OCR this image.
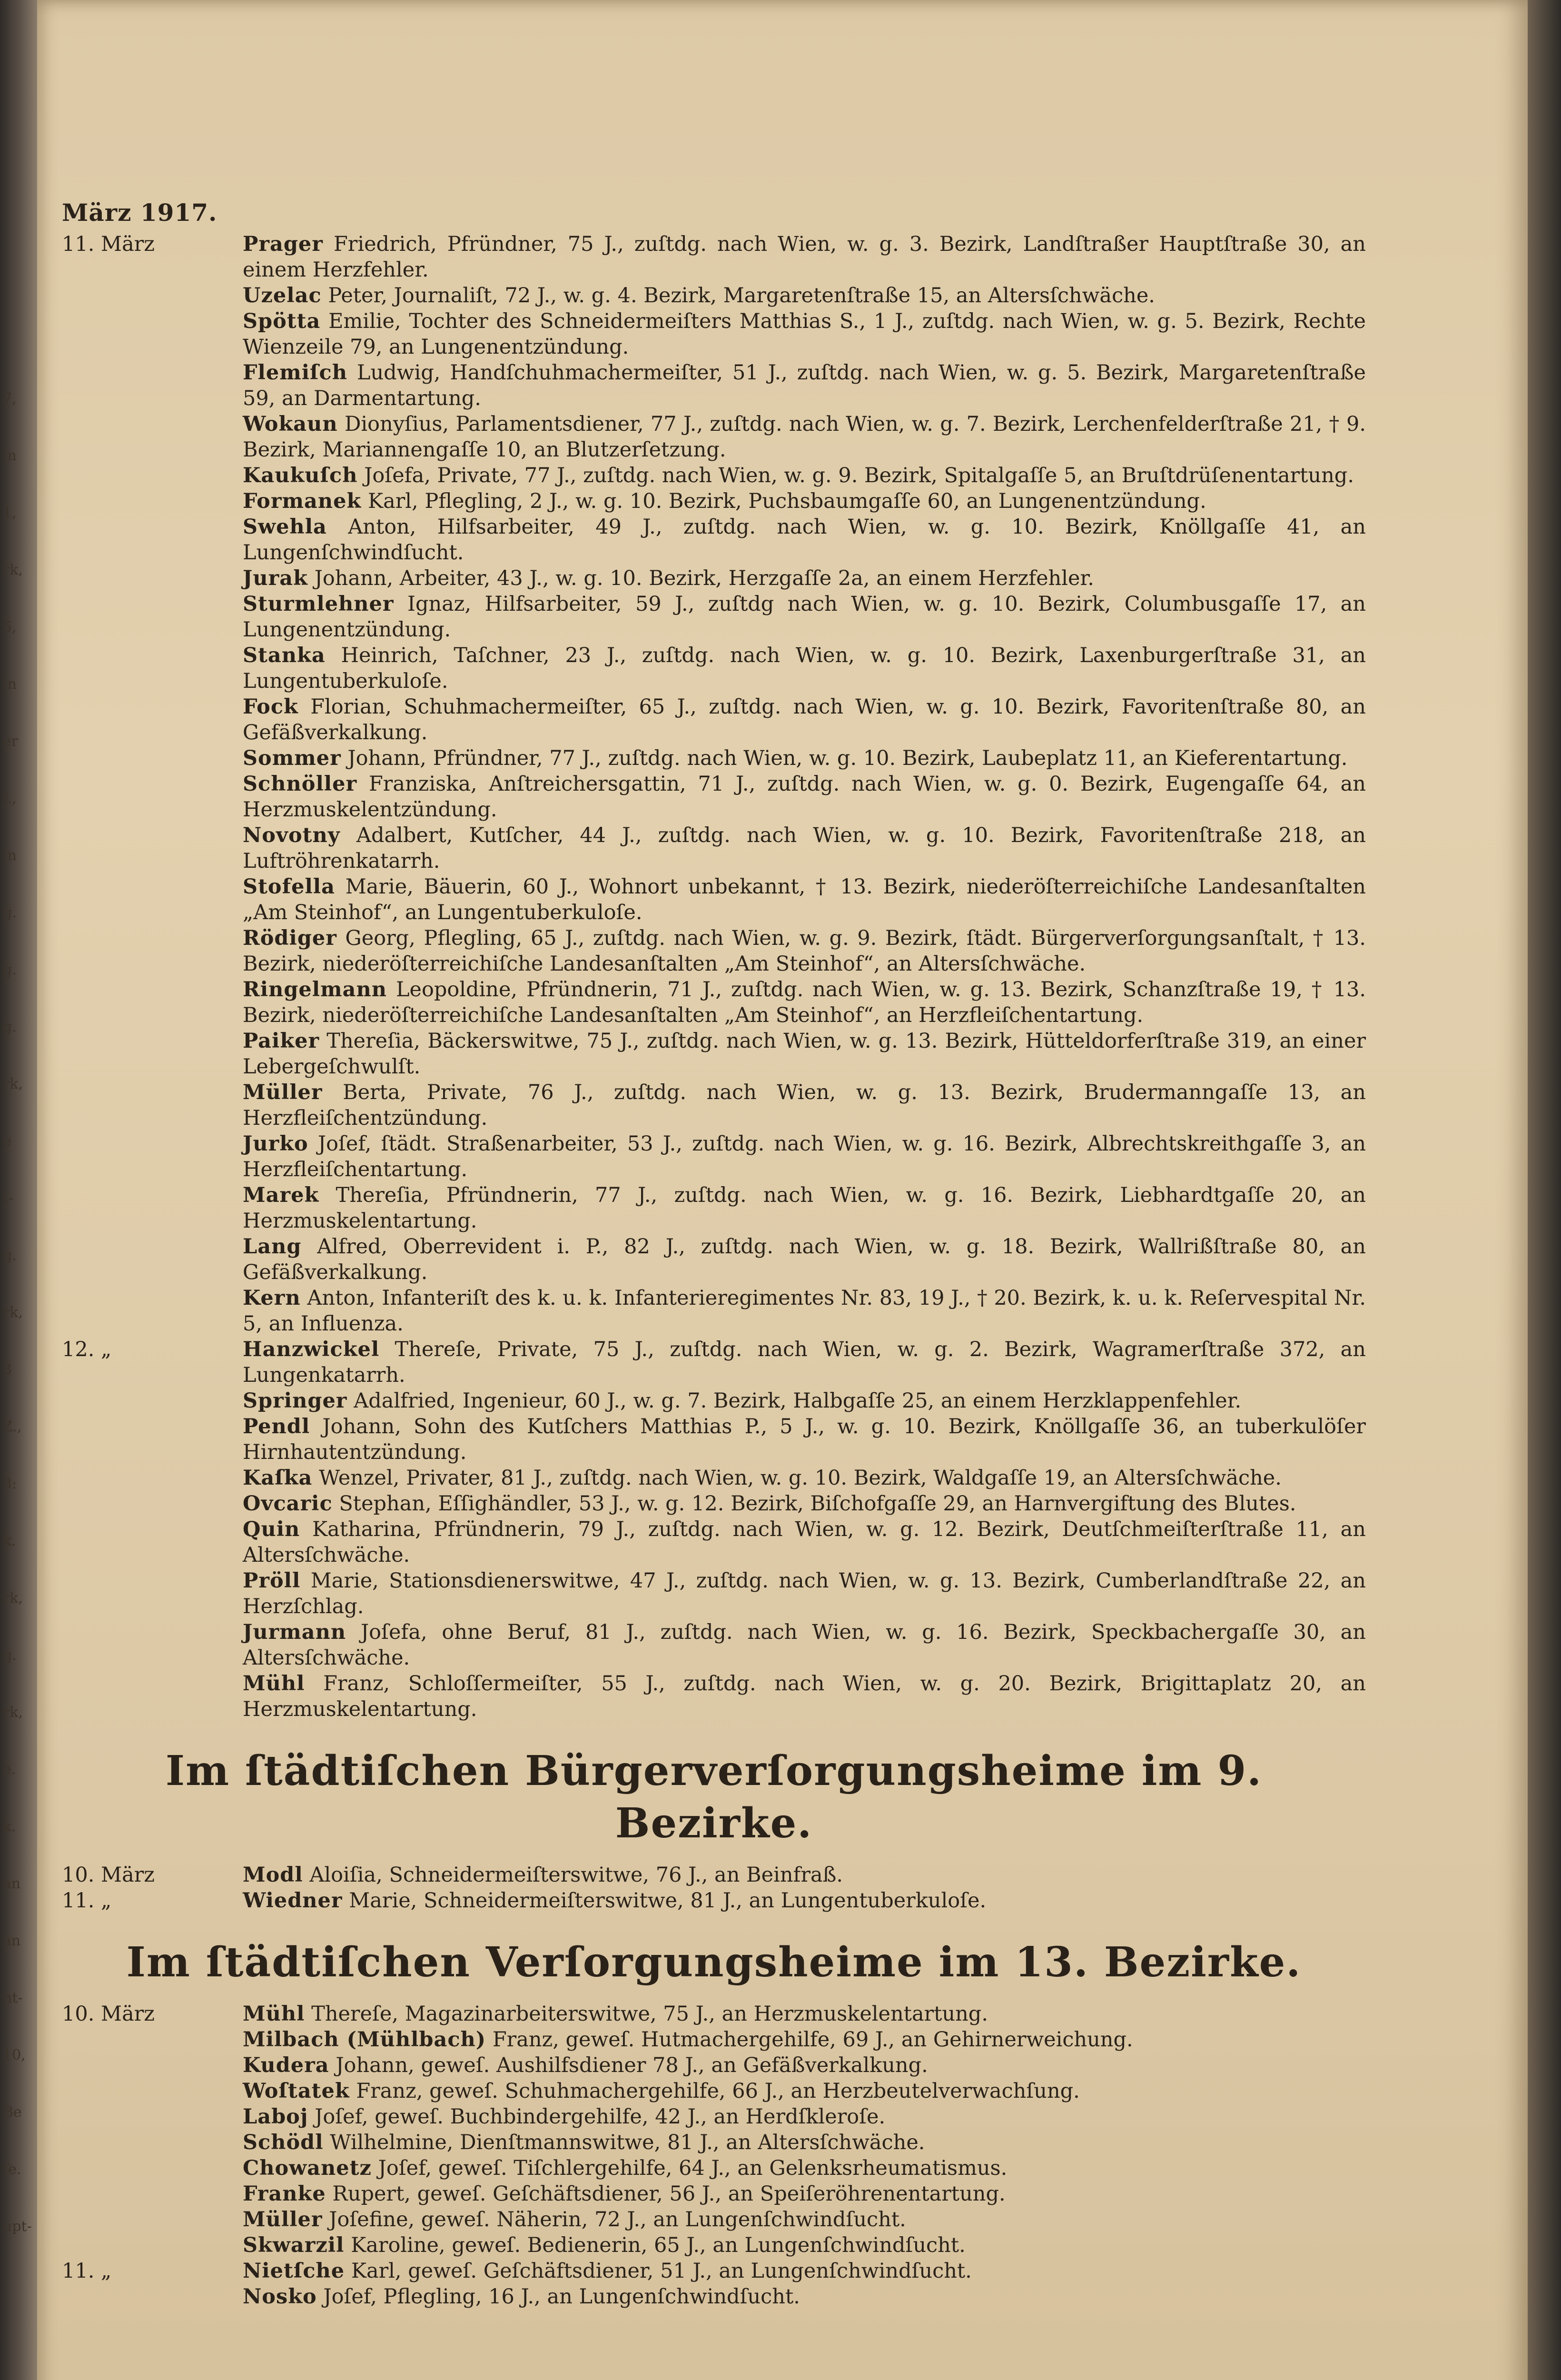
7,
in
1,
rk,
5,
in
er
J.,
in
g.
g.
g.
rk,
e
t-
g.
rk,
3
Z.,
3:
k.
rk,
g.
rk,
e.
k.
an
an
nt-
10,
Be
ſe.
upt-
März 1917.
11. März	Prager Friedrich, Pfründner, 75 J., zuſtdg. nach Wien, w. g. 3. Bezirk, Landſtraßer Hauptſtraße 30, an einem Herzfehler.
Uzelac Peter, Journaliſt, 72 J., w. g. 4. Bezirk, Margaretenſtraße 15, an Altersſchwäche.
Spötta Emilie, Tochter des Schneidermeiſters Matthias S., 1 J., zuſtdg. nach Wien, w. g. 5. Bezirk, Rechte Wienzeile 79, an Lungenentzündung.
Flemiſch Ludwig, Handſchuhmachermeiſter, 51 J., zuſtdg. nach Wien, w. g. 5. Bezirk, Margaretenſtraße 59, an Darmentartung.
Wokaun Dionyſius, Parlamentsdiener, 77 J., zuſtdg. nach Wien, w. g. 7. Bezirk, Lerchenfelderſtraße 21, † 9. Bezirk, Mariannengaſſe 10, an Blutzerſetzung.
Kaukuſch Joſefa, Private, 77 J., zuſtdg. nach Wien, w. g. 9. Bezirk, Spitalgaſſe 5, an Bruſtdrüſenentartung.
Formanek Karl, Pflegling, 2 J., w. g. 10. Bezirk, Puchsbaumgaſſe 60, an Lungenentzündung.
Swehla Anton, Hilfsarbeiter, 49 J., zuſtdg. nach Wien, w. g. 10. Bezirk, Knöllgaſſe 41, an Lungenſchwindſucht.
Jurak Johann, Arbeiter, 43 J., w. g. 10. Bezirk, Herzgaſſe 2a, an einem Herzfehler.
Sturmlehner Ignaz, Hilfsarbeiter, 59 J., zuſtdg nach Wien, w. g. 10. Bezirk, Columbusgaſſe 17, an Lungenentzündung.
Stanka Heinrich, Taſchner, 23 J., zuſtdg. nach Wien, w. g. 10. Bezirk, Laxenburgerſtraße 31, an Lungentuberkuloſe.
Fock Florian, Schuhmachermeiſter, 65 J., zuſtdg. nach Wien, w. g. 10. Bezirk, Favoritenſtraße 80, an Gefäßverkalkung.
Sommer Johann, Pfründner, 77 J., zuſtdg. nach Wien, w. g. 10. Bezirk, Laubeplatz 11, an Kieferentartung.
Schnöller Franziska, Anſtreichersgattin, 71 J., zuſtdg. nach Wien, w. g. 0. Bezirk, Eugengaſſe 64, an Herzmuskelentzündung.
Novotny Adalbert, Kutſcher, 44 J., zuſtdg. nach Wien, w. g. 10. Bezirk, Favoritenſtraße 218, an Luftröhrenkatarrh.
Stofella Marie, Bäuerin, 60 J., Wohnort unbekannt, † 13. Bezirk, niederöſterreichiſche Landesanſtalten „Am Steinhof“, an Lungentuberkuloſe.
Rödiger Georg, Pflegling, 65 J., zuſtdg. nach Wien, w. g. 9. Bezirk, ſtädt. Bürgerverſorgungsanſtalt, † 13. Bezirk, niederöſterreichiſche Landesanſtalten „Am Steinhof“, an Altersſchwäche.
Ringelmann Leopoldine, Pfründnerin, 71 J., zuſtdg. nach Wien, w. g. 13. Bezirk, Schanzſtraße 19, † 13. Bezirk, niederöſterreichiſche Landesanſtalten „Am Steinhof“, an Herzfleiſchentartung.
Paiker Thereſia, Bäckerswitwe, 75 J., zuſtdg. nach Wien, w. g. 13. Bezirk, Hütteldorferſtraße 319, an einer Lebergeſchwulſt.
Müller Berta, Private, 76 J., zuſtdg. nach Wien, w. g. 13. Bezirk, Brudermanngaſſe 13, an Herzfleiſchentzündung.
Jurko Joſef, ſtädt. Straßenarbeiter, 53 J., zuſtdg. nach Wien, w. g. 16. Bezirk, Albrechtskreithgaſſe 3, an Herzfleiſchentartung.
Marek Thereſia, Pfründnerin, 77 J., zuſtdg. nach Wien, w. g. 16. Bezirk, Liebhardtgaſſe 20, an Herzmuskelentartung.
Lang Alfred, Oberrevident i. P., 82 J., zuſtdg. nach Wien, w. g. 18. Bezirk, Wallrißſtraße 80, an Gefäßverkalkung.
Kern Anton, Infanteriſt des k. u. k. Infanterieregimentes Nr. 83, 19 J., † 20. Bezirk, k. u. k. Reſervespital Nr. 5, an Influenza.
12. „	Hanzwickel Thereſe, Private, 75 J., zuſtdg. nach Wien, w. g. 2. Bezirk, Wagramerſtraße 372, an Lungenkatarrh.
Springer Adalfried, Ingenieur, 60 J., w. g. 7. Bezirk, Halbgaſſe 25, an einem Herzklappenfehler.
Pendl Johann, Sohn des Kutſchers Matthias P., 5 J., w. g. 10. Bezirk, Knöllgaſſe 36, an tuberkulöſer Hirnhautentzündung.
Kaſka Wenzel, Privater, 81 J., zuſtdg. nach Wien, w. g. 10. Bezirk, Waldgaſſe 19, an Altersſchwäche.
Ovcaric Stephan, Eſſighändler, 53 J., w. g. 12. Bezirk, Biſchofgaſſe 29, an Harnvergiftung des Blutes.
Quin Katharina, Pfründnerin, 79 J., zuſtdg. nach Wien, w. g. 12. Bezirk, Deutſchmeiſterſtraße 11, an Altersſchwäche.
Pröll Marie, Stationsdienerswitwe, 47 J., zuſtdg. nach Wien, w. g. 13. Bezirk, Cumberlandſtraße 22, an Herzſchlag.
Jurmann Joſefa, ohne Beruf, 81 J., zuſtdg. nach Wien, w. g. 16. Bezirk, Speckbachergaſſe 30, an Altersſchwäche.
Mühl Franz, Schloſſermeiſter, 55 J., zuſtdg. nach Wien, w. g. 20. Bezirk, Brigittaplatz 20, an Herzmuskelentartung.
Im ſtädtiſchen Bürgerverſorgungsheime im 9. Bezirke.
10. März	Modl Aloiſia, Schneidermeiſterswitwe, 76 J., an Beinfraß.
11. „	Wiedner Marie, Schneidermeiſterswitwe, 81 J., an Lungentuberkuloſe.
Im ſtädtiſchen Verſorgungsheime im 13. Bezirke.
10. März	Mühl Thereſe, Magazinarbeiterswitwe, 75 J., an Herzmuskelentartung.
Milbach (Mühlbach) Franz, geweſ. Hutmachergehilfe, 69 J., an Gehirnerweichung.
Kudera Johann, geweſ. Aushilfsdiener 78 J., an Gefäßverkalkung.
Woſtatek Franz, geweſ. Schuhmachergehilfe, 66 J., an Herzbeutelverwachſung.
Laboj Joſef, geweſ. Buchbindergehilfe, 42 J., an Herdſkleroſe.
Schödl Wilhelmine, Dienſtmannswitwe, 81 J., an Altersſchwäche.
Chowanetz Joſef, geweſ. Tiſchlergehilfe, 64 J., an Gelenksrheumatismus.
Franke Rupert, geweſ. Geſchäftsdiener, 56 J., an Speiſeröhrenentartung.
Müller Joſefine, geweſ. Näherin, 72 J., an Lungenſchwindſucht.
Skwarzil Karoline, geweſ. Bedienerin, 65 J., an Lungenſchwindſucht.
11. „	Nietſche Karl, geweſ. Geſchäftsdiener, 51 J., an Lungenſchwindſucht.
Nosko Joſef, Pflegling, 16 J., an Lungenſchwindſucht.
